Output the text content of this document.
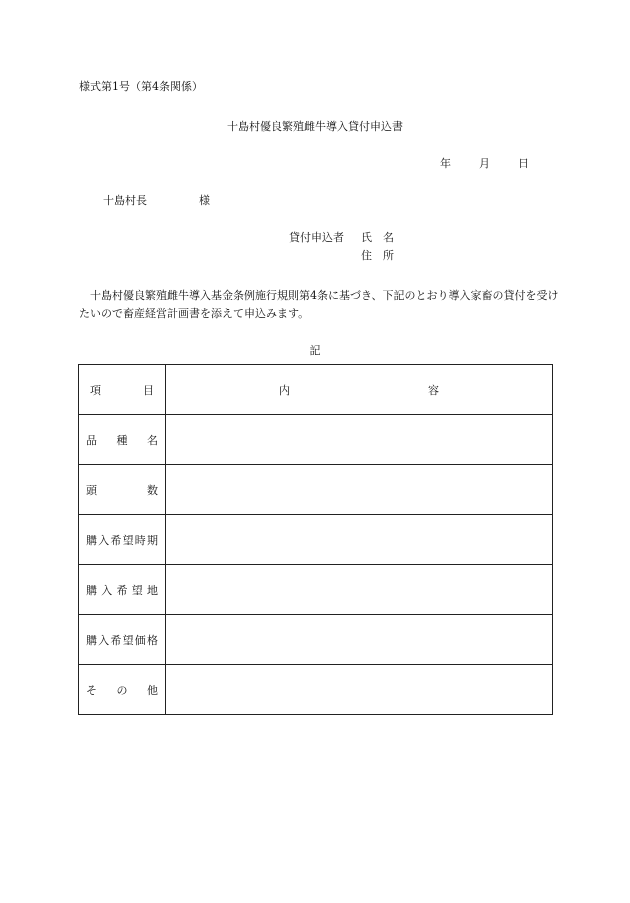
様式第1号（第4条関係）
十島村優良繁殖雌牛導入貸付申込書
年	月	日
十島村長	様
貸付申込者 氏　名
住　所
十島村優良繁殖雌牛導入基金条例施行規則第4条に基づき、下記のとおり導入家畜の貸付を受けたいので畜産経営計画書を添えて申込みます。
記
項目	内容
品種名	
頭数	
購入希望時期	
購入希望地	
購入希望価格	
その他	
